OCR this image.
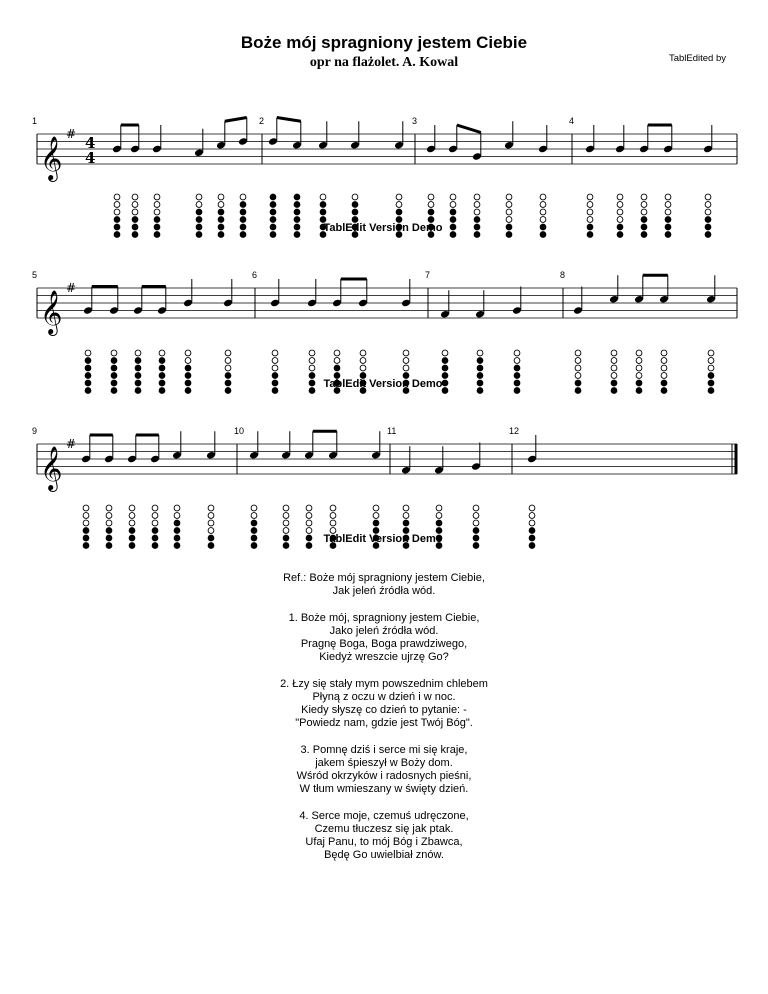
Boże mój spragniony jestem Ciebie
opr na flażolet. A. Kowal	TablEdited by
1	2	3	4
𝄞
# 4
4
TablEdit Version Demo
5	6	7	8
𝄞
#
TablEdit Version Demo
9	10	11	12
𝄞
#
TablEdit Version Demo
Ref.: Boże mój spragniony jestem Ciebie,
Jak jeleń źródła wód.
1. Boże mój, spragniony jestem Ciebie,
Jako jeleń źródła wód.
Pragnę Boga, Boga prawdziwego,
Kiedyż wreszcie ujrzę Go?
2. Łzy się stały mym powszednim chlebem
Płyną z oczu w dzień i w noc.
Kiedy słyszę co dzień to pytanie: -
"Powiedz nam, gdzie jest Twój Bóg".
3. Pomnę dziś i serce mi się kraje,
jakem śpieszył w Boży dom.
Wśród okrzyków i radosnych pieśni,
W tłum wmieszany w święty dzień.
4. Serce moje, czemuś udręczone,
Czemu tłuczesz się jak ptak.
Ufaj Panu, to mój Bóg i Zbawca,
Będę Go uwielbiał znów.
